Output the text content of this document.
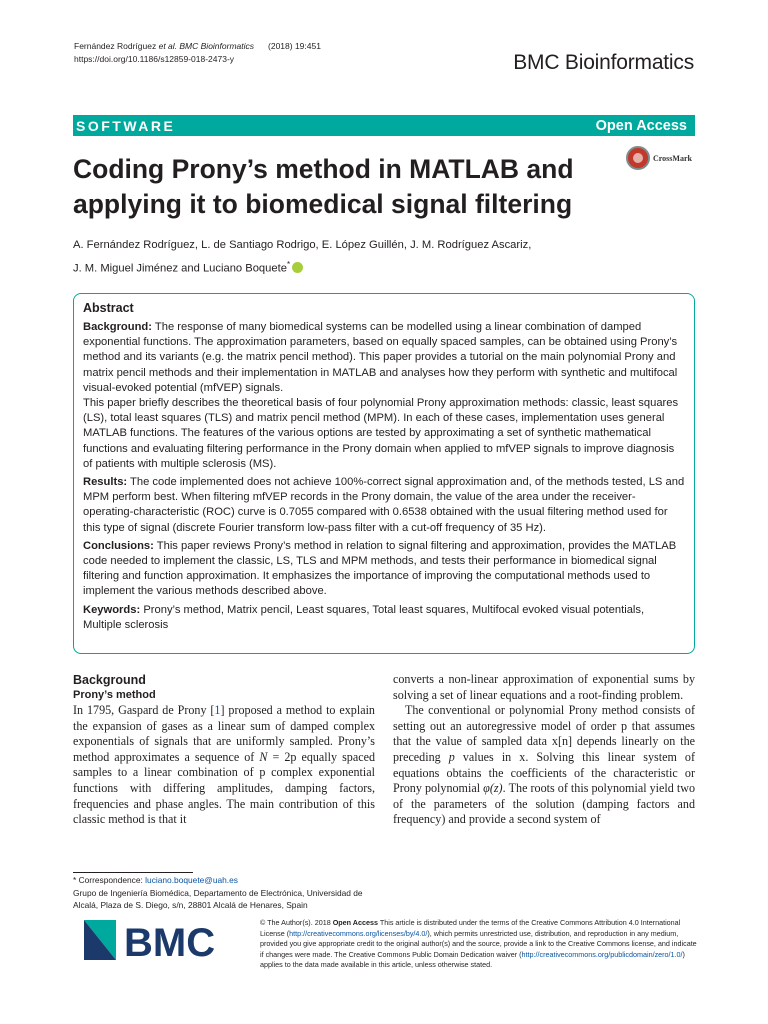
Fernández Rodríguez et al. BMC Bioinformatics (2018) 19:451
https://doi.org/10.1186/s12859-018-2473-y	BMC Bioinformatics
SOFTWARE	Open Access
CrossMark
Coding Prony’s method in MATLAB and applying it to biomedical signal filtering
A. Fernández Rodríguez, L. de Santiago Rodrigo, E. López Guillén, J. M. Rodríguez Ascariz,
J. M. Miguel Jiménez and Luciano Boquete*
Abstract

Background: The response of many biomedical systems can be modelled using a linear combination of damped exponential functions. The approximation parameters, based on equally spaced samples, can be obtained using Prony’s method and its variants (e.g. the matrix pencil method). This paper provides a tutorial on the main polynomial Prony and matrix pencil methods and their implementation in MATLAB and analyses how they perform with synthetic and multifocal visual-evoked potential (mfVEP) signals.
This paper briefly describes the theoretical basis of four polynomial Prony approximation methods: classic, least squares (LS), total least squares (TLS) and matrix pencil method (MPM). In each of these cases, implementation uses general MATLAB functions. The features of the various options are tested by approximating a set of synthetic mathematical functions and evaluating filtering performance in the Prony domain when applied to mfVEP signals to improve diagnosis of patients with multiple sclerosis (MS).

Results: The code implemented does not achieve 100%-correct signal approximation and, of the methods tested, LS and MPM perform best. When filtering mfVEP records in the Prony domain, the value of the area under the receiver-operating-characteristic (ROC) curve is 0.7055 compared with 0.6538 obtained with the usual filtering method used for this type of signal (discrete Fourier transform low-pass filter with a cut-off frequency of 35 Hz).

Conclusions: This paper reviews Prony’s method in relation to signal filtering and approximation, provides the MATLAB code needed to implement the classic, LS, TLS and MPM methods, and tests their performance in biomedical signal filtering and function approximation. It emphasizes the importance of improving the computational methods used to implement the various methods described above.

Keywords: Prony’s method, Matrix pencil, Least squares, Total least squares, Multifocal evoked visual potentials, Multiple sclerosis

Background
Prony’s method

In 1795, Gaspard de Prony [1] proposed a method to explain the expansion of gases as a linear sum of damped complex exponentials of signals that are uniformly sampled. Prony’s method approximates a sequence of N = 2p equally spaced samples to a linear combination of p complex exponential functions with differing amplitudes, damping factors, frequencies and phase angles. The main contribution of this classic method is that it

converts a non-linear approximation of exponential sums by solving a set of linear equations and a root-finding problem.

The conventional or polynomial Prony method consists of setting out an autoregressive model of order p that assumes that the value of sampled data x[n] depends linearly on the preceding p values in x. Solving this linear system of equations obtains the coefficients of the characteristic or Prony polynomial φ(z). The roots of this polynomial yield two of the parameters of the solution (damping factors and frequency) and provide a second system of

* Correspondence: luciano.boquete@uah.es
Grupo de Ingeniería Biomédica, Departamento de Electrónica, Universidad de Alcalá, Plaza de S. Diego, s/n, 28801 Alcalá de Henares, Spain
BMC	© The Author(s). 2018 Open Access This article is distributed under the terms of the Creative Commons Attribution 4.0 International License (http://creativecommons.org/licenses/by/4.0/), which permits unrestricted use, distribution, and reproduction in any medium, provided you give appropriate credit to the original author(s) and the source, provide a link to the Creative Commons license, and indicate if changes were made. The Creative Commons Public Domain Dedication waiver (http://creativecommons.org/publicdomain/zero/1.0/) applies to the data made available in this article, unless otherwise stated.
